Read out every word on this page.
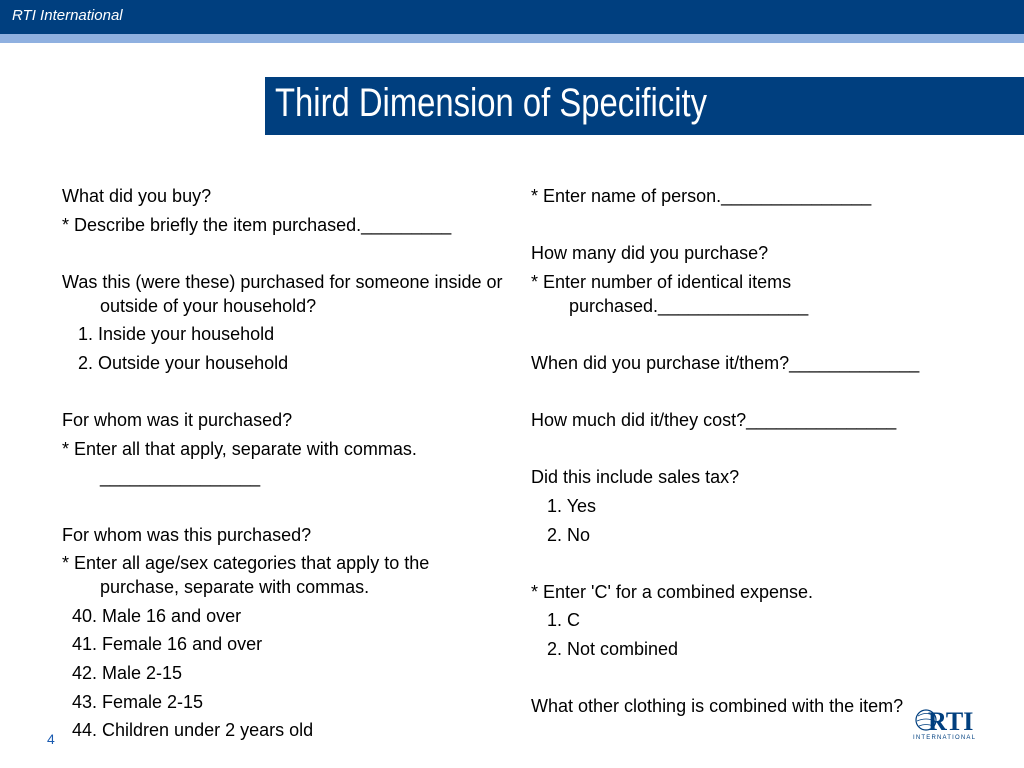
RTI International
Third Dimension of Specificity
What did you buy?
* Describe briefly the item purchased._________
Was this (were these) purchased for someone inside or outside of your household?
1. Inside your household
2. Outside your household
For whom was it purchased?
* Enter all that apply, separate with commas.
________________
For whom was this purchased?
* Enter all age/sex categories that apply to the purchase, separate with commas.
40. Male 16 and over
41. Female 16 and over
42. Male 2-15
43. Female 2-15
44. Children under 2 years old
* Enter name of person._______________
How many did you purchase?
* Enter number of identical items purchased._______________
When did you purchase it/them?_____________
How much did it/they cost?_______________
Did this include sales tax?
1. Yes
2. No
* Enter 'C' for a combined expense.
1. C
2. Not combined
What other clothing is combined with the item?
4
RTI
INTERNATIONAL
